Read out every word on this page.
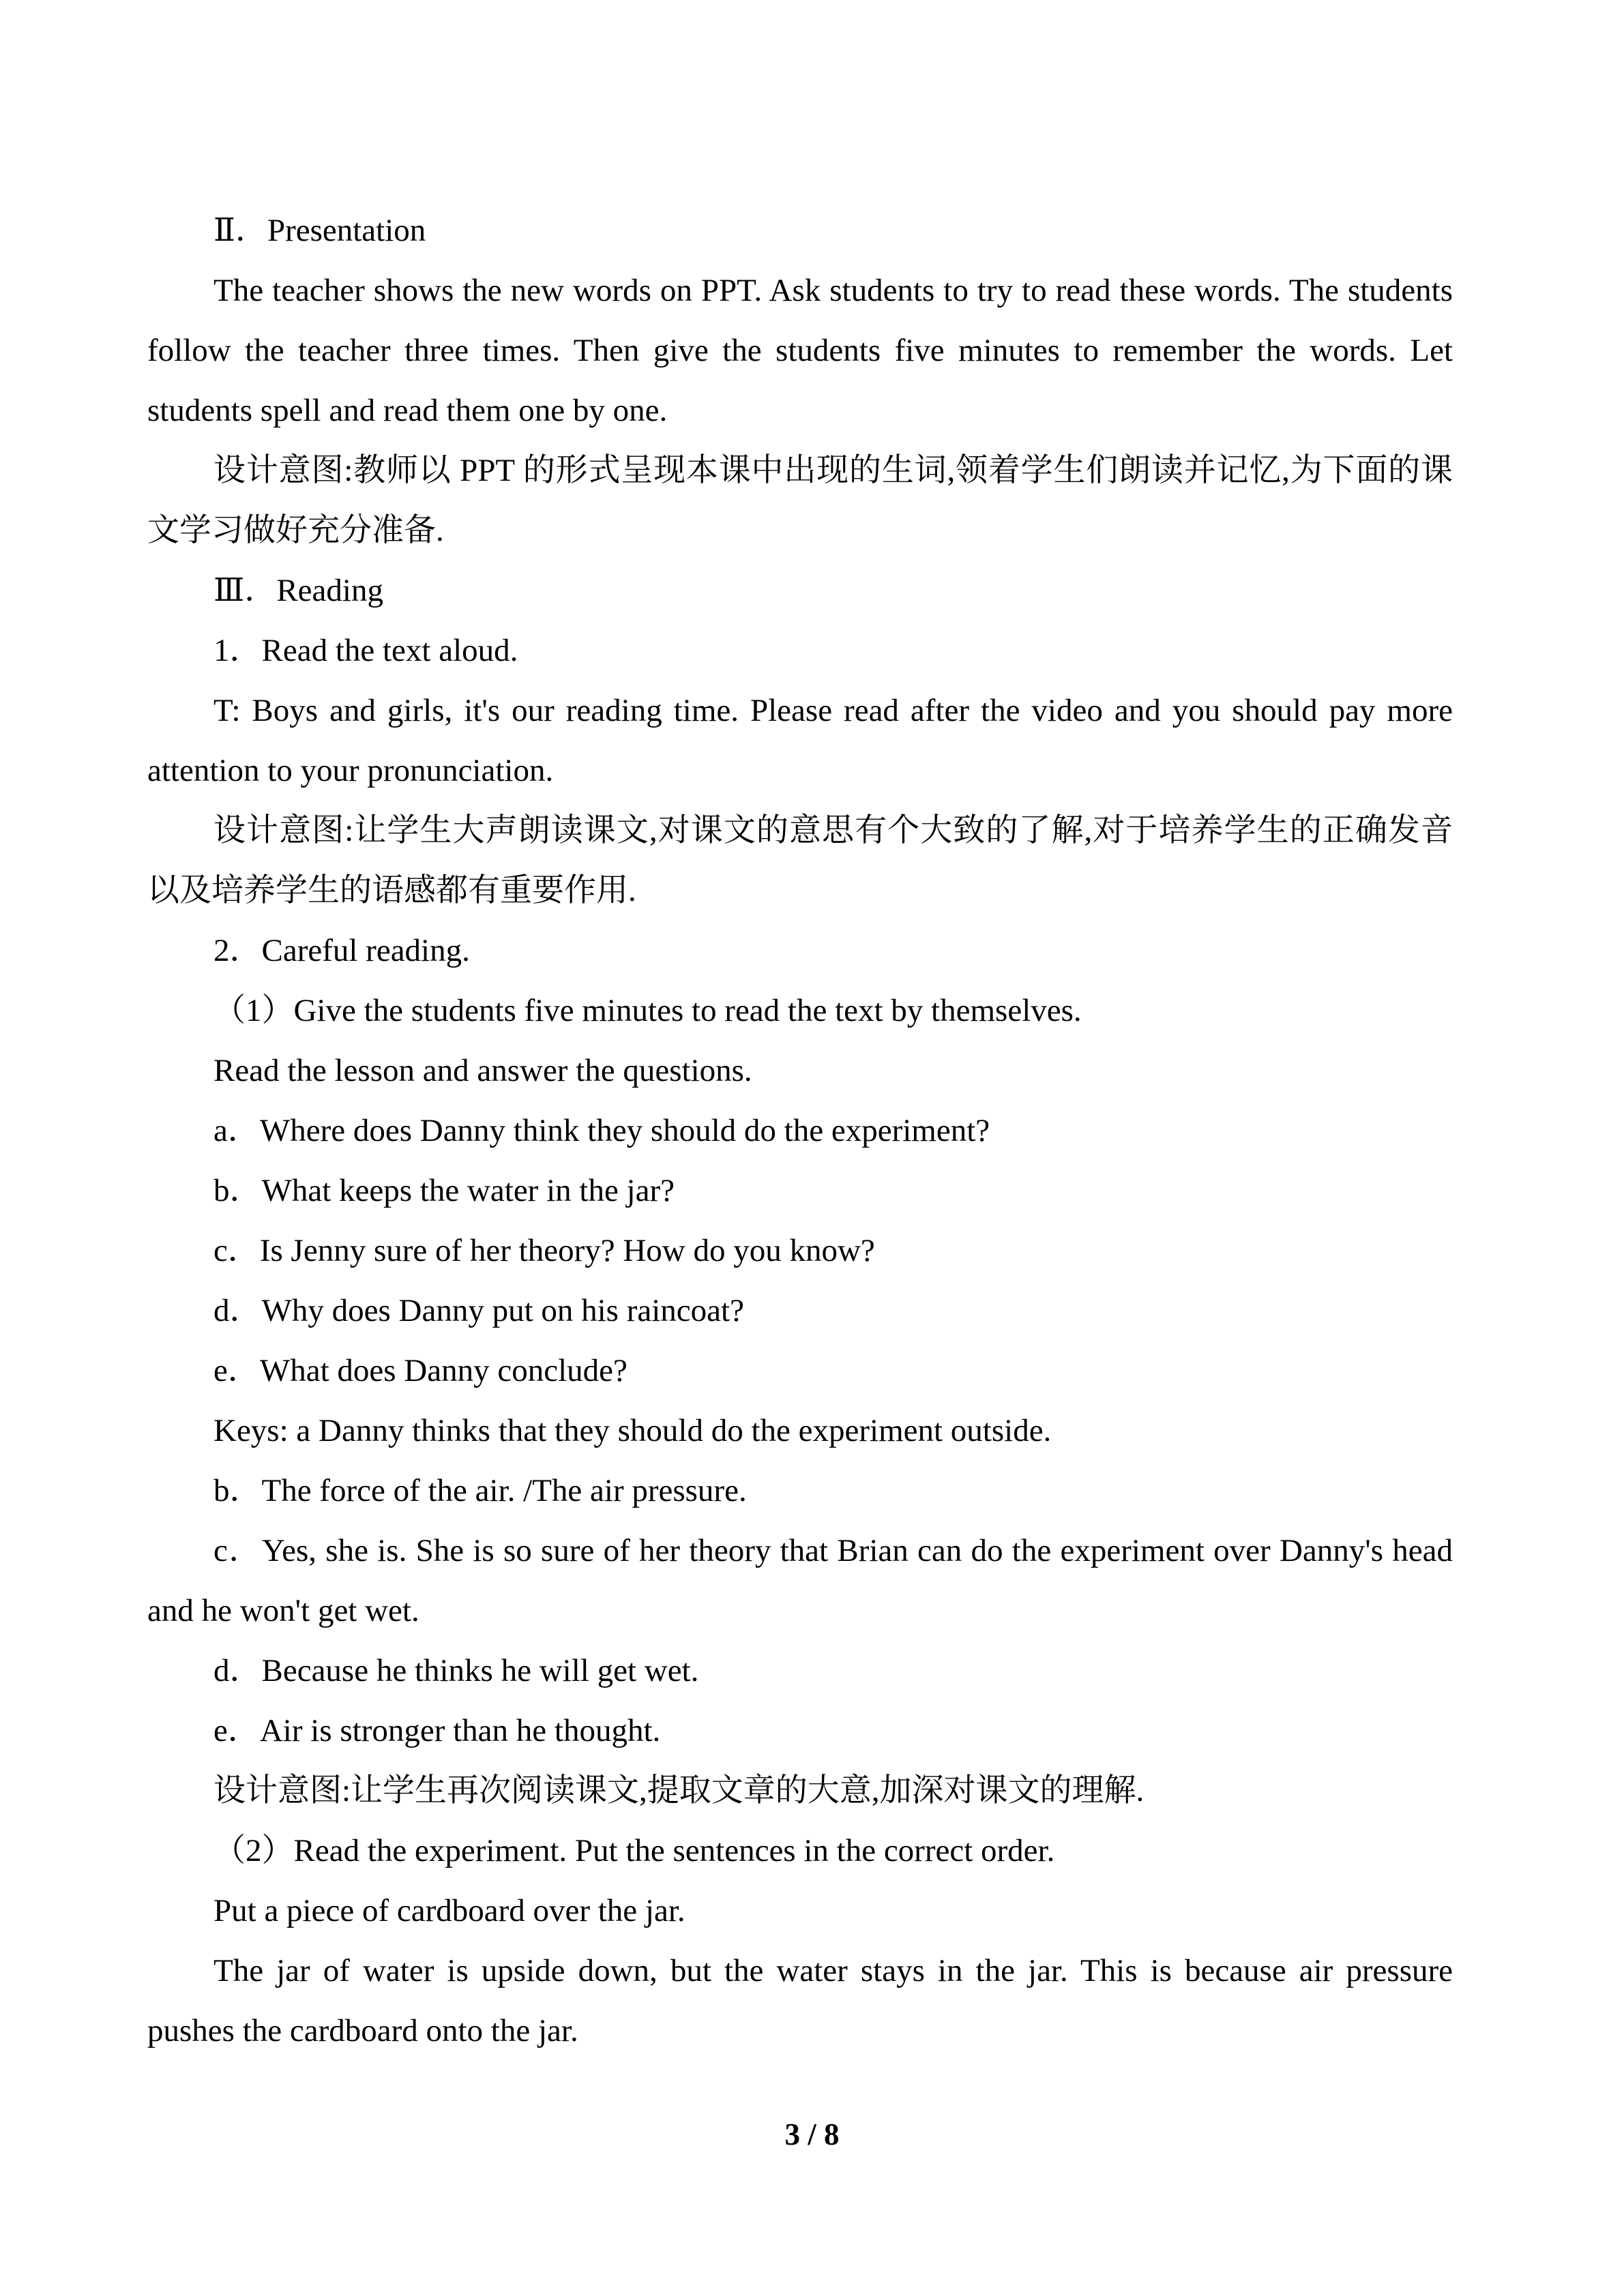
Ⅱ．Presentation
The teacher shows the new words on PPT. Ask students to try to read these words. The students
follow the teacher three times. Then give the students five minutes to remember the words. Let
students spell and read them one by one.
设计意图:教师以 PPT 的形式呈现本课中出现的生词,领着学生们朗读并记忆,为下面的课
文学习做好充分准备.
Ⅲ．Reading
1．Read the text aloud.
T: Boys and girls, it's our reading time. Please read after the video and you should pay more
attention to your pronunciation.
设计意图:让学生大声朗读课文,对课文的意思有个大致的了解,对于培养学生的正确发音
以及培养学生的语感都有重要作用.
2．Careful reading.
（1）Give the students five minutes to read the text by themselves.
Read the lesson and answer the questions.
a．Where does Danny think they should do the experiment?
b．What keeps the water in the jar?
c．Is Jenny sure of her theory? How do you know?
d．Why does Danny put on his raincoat?
e．What does Danny conclude?
Keys: a Danny thinks that they should do the experiment outside.
b．The force of the air. /The air pressure.
c．Yes, she is. She is so sure of her theory that Brian can do the experiment over Danny's head
and he won't get wet.
d．Because he thinks he will get wet.
e．Air is stronger than he thought.
设计意图:让学生再次阅读课文,提取文章的大意,加深对课文的理解.
（2）Read the experiment. Put the sentences in the correct order.
Put a piece of cardboard over the jar.
The jar of water is upside down, but the water stays in the jar. This is because air pressure
pushes the cardboard onto the jar.
3 / 8
